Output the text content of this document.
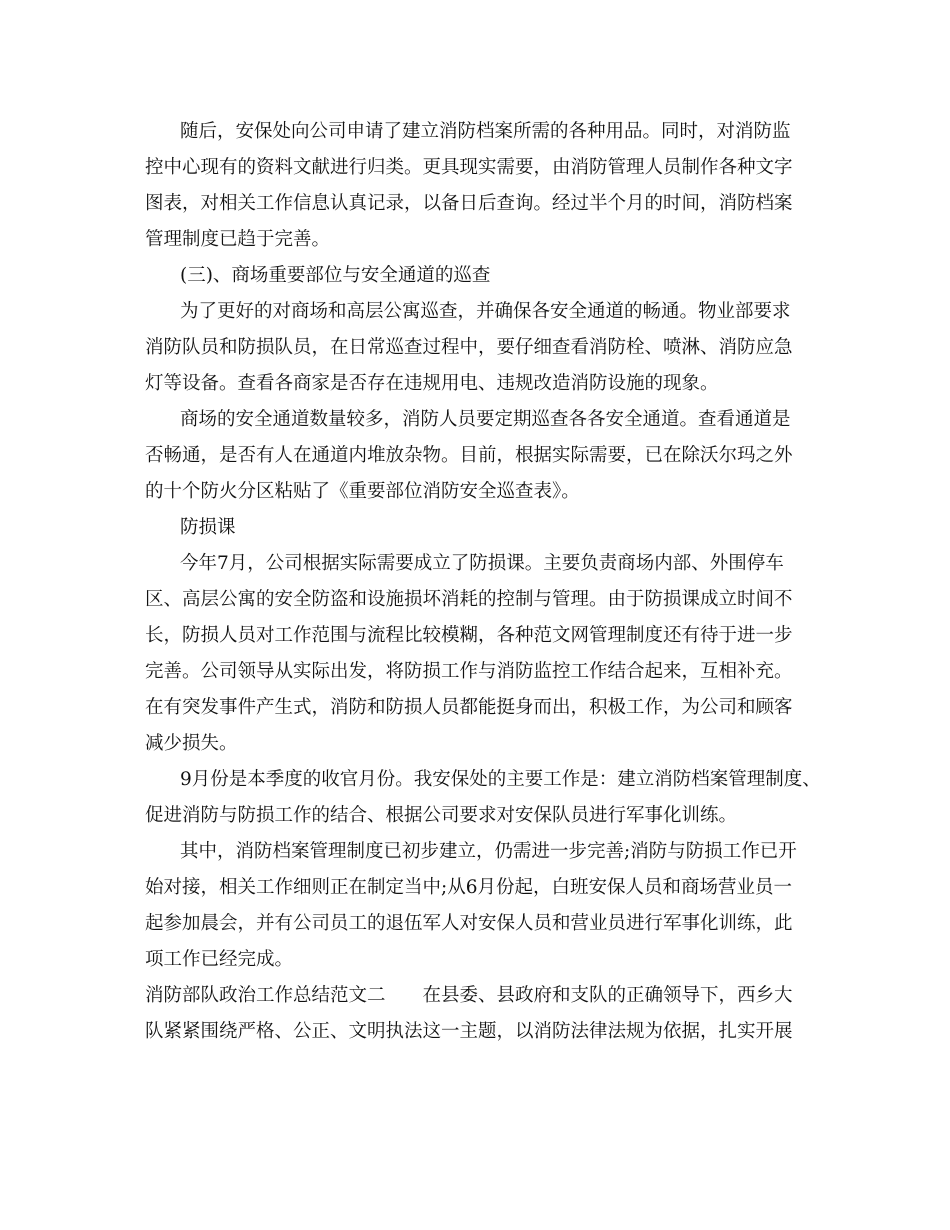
随后，安保处向公司申请了建立消防档案所需的各种用品。同时，对消防监

控中心现有的资料文献进行归类。更具现实需要，由消防管理人员制作各种文字

图表，对相关工作信息认真记录，以备日后查询。经过半个月的时间，消防档案

管理制度已趋于完善。

(三)、商场重要部位与安全通道的巡查

为了更好的对商场和高层公寓巡查，并确保各安全通道的畅通。物业部要求

消防队员和防损队员，在日常巡查过程中，要仔细查看消防栓、喷淋、消防应急

灯等设备。查看各商家是否存在违规用电、违规改造消防设施的现象。

商场的安全通道数量较多，消防人员要定期巡查各各安全通道。查看通道是

否畅通，是否有人在通道内堆放杂物。目前，根据实际需要，已在除沃尔玛之外

的十个防火分区粘贴了《重要部位消防安全巡查表》。

防损课

今年7月，公司根据实际需要成立了防损课。主要负责商场内部、外围停车

区、高层公寓的安全防盗和设施损坏消耗的控制与管理。由于防损课成立时间不

长，防损人员对工作范围与流程比较模糊，各种范文网管理制度还有待于进一步

完善。公司领导从实际出发，将防损工作与消防监控工作结合起来，互相补充。

在有突发事件产生式，消防和防损人员都能挺身而出，积极工作，为公司和顾客

减少损失。

9月份是本季度的收官月份。我安保处的主要工作是：建立消防档案管理制度、

促进消防与防损工作的结合、根据公司要求对安保队员进行军事化训练。

其中，消防档案管理制度已初步建立，仍需进一步完善;消防与防损工作已开

始对接，相关工作细则正在制定当中;从6月份起，白班安保人员和商场营业员一

起参加晨会，并有公司员工的退伍军人对安保人员和营业员进行军事化训练，此

项工作已经完成。

消防部队政治工作总结范文二　　在县委、县政府和支队的正确领导下，西乡大

队紧紧围绕严格、公正、文明执法这一主题，以消防法律法规为依据，扎实开展
